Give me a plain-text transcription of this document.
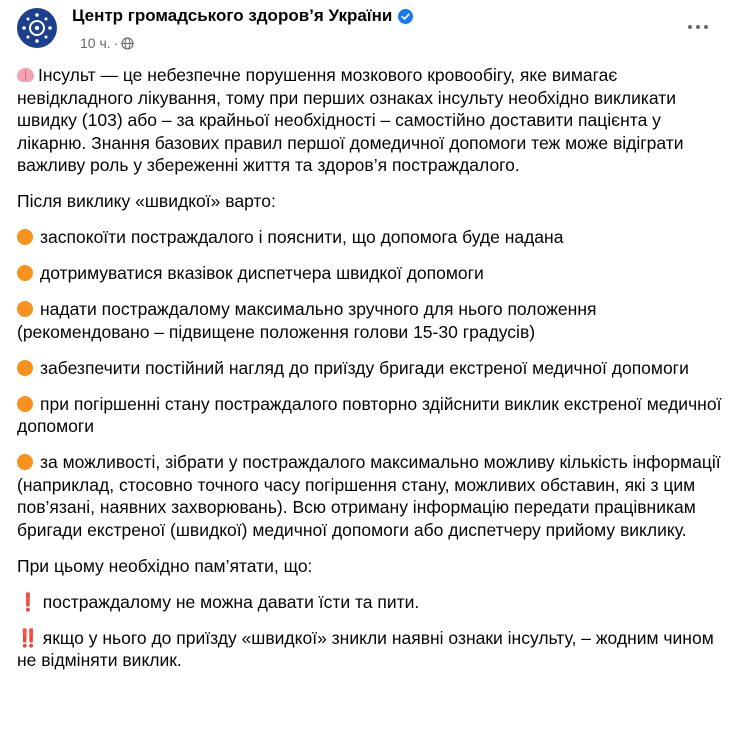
Центр громадського здоров’я України
10 ч. ·

Інсульт — це небезпечне порушення мозкового кровообігу, яке вимагає невідкладного лікування, тому при перших ознаках інсульту необхідно викликати швидку (103) або – за крайньої необхідності – самостійно доставити пацієнта у лікарню. Знання базових правил першої домедичної допомоги теж може відіграти важливу роль у збереженні життя та здоров’я постраждалого.

Після виклику «швидкої» варто:

заспокоїти постраждалого і пояснити, що допомога буде надана

дотримуватися вказівок диспетчера швидкої допомоги

надати постраждалому максимально зручного для нього положення (рекомендовано – підвищене положення голови 15-30 градусів)

забезпечити постійний нагляд до приїзду бригади екстреної медичної допомоги

при погіршенні стану постраждалого повторно здійснити виклик екстреної медичної допомоги

за можливості, зібрати у постраждалого максимально можливу кількість інформації (наприклад, стосовно точного часу погіршення стану, можливих обставин, які з цим пов’язані, наявних захворювань). Всю отриману інформацію передати працівникам бригади екстреної (швидкої) медичної допомоги або диспетчеру прийому виклику.

При цьому необхідно пам’ятати, що:

❗ постраждалому не можна давати їсти та пити.

‼️ якщо у нього до приїзду «швидкої» зникли наявні ознаки інсульту, – жодним чином не відміняти виклик.
